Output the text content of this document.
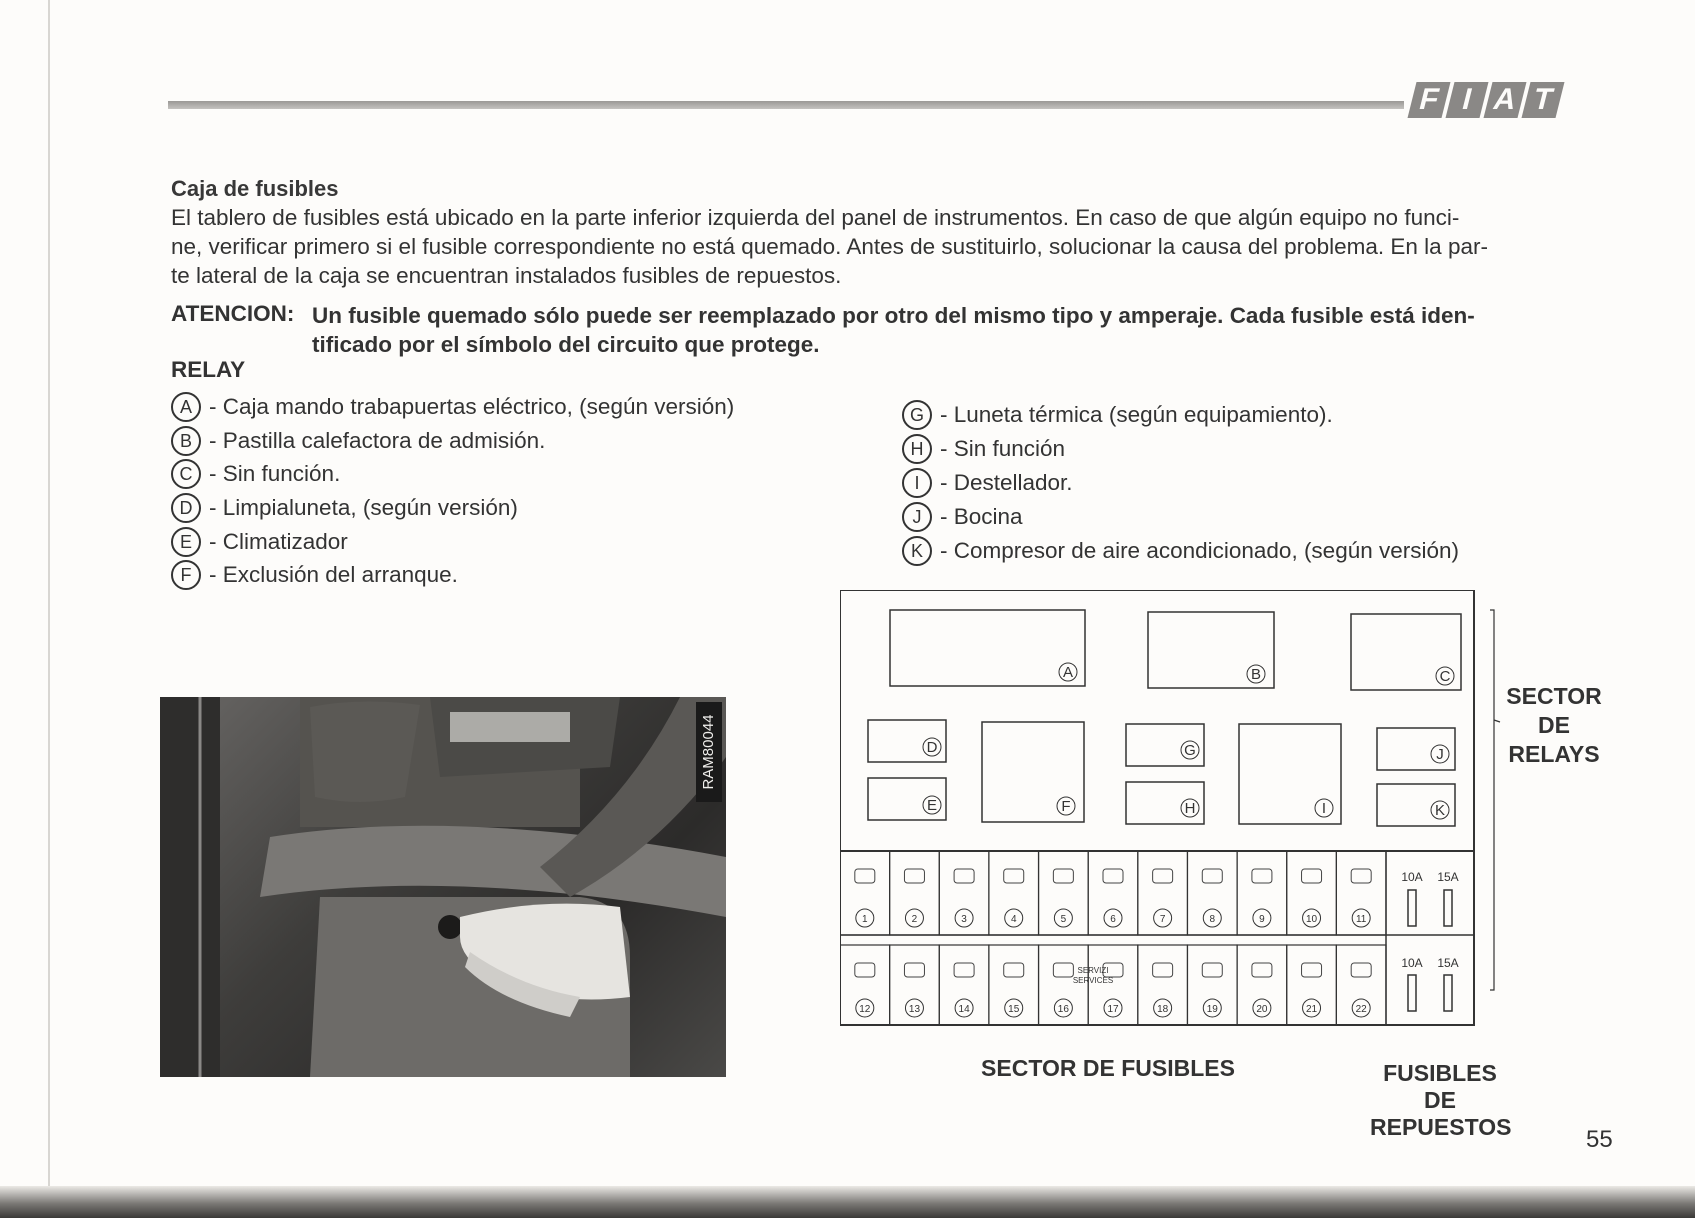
F I A T
Caja de fusibles
El tablero de fusibles está ubicado en la parte inferior izquierda del panel de instrumentos. En caso de que algún equipo no funci-
ne, verificar primero si el fusible correspondiente no está quemado. Antes de sustituirlo, solucionar la causa del problema. En la par-
te lateral de la caja se encuentran instalados fusibles de repuestos.
ATENCION: Un fusible quemado sólo puede ser reemplazado por otro del mismo tipo y amperaje. Cada fusible está iden-
tificado por el símbolo del circuito que protege.
RELAY
A - Caja mando trabapuertas eléctrico, (según versión)
B - Pastilla calefactora de admisión.
C - Sin función.
D - Limpialuneta, (según versión)
E - Climatizador
F - Exclusión del arranque.
G - Luneta térmica (según equipamiento).
H - Sin función
I - Destellador.
J - Bocina
K - Compresor de aire acondicionado, (según versión)
RAM80044
A	B	C
D
E	F
G
H	I
J
K
1	2	3	4	5	6	7	8	9	10	11
12	13	14	15	16	17	18	19	20	21	22
10A 15A
10A 15A
SERVIZI
SERVICES
SECTOR
DE
RELAYS
SECTOR DE FUSIBLES	FUSIBLES
DE
REPUESTOS	55
